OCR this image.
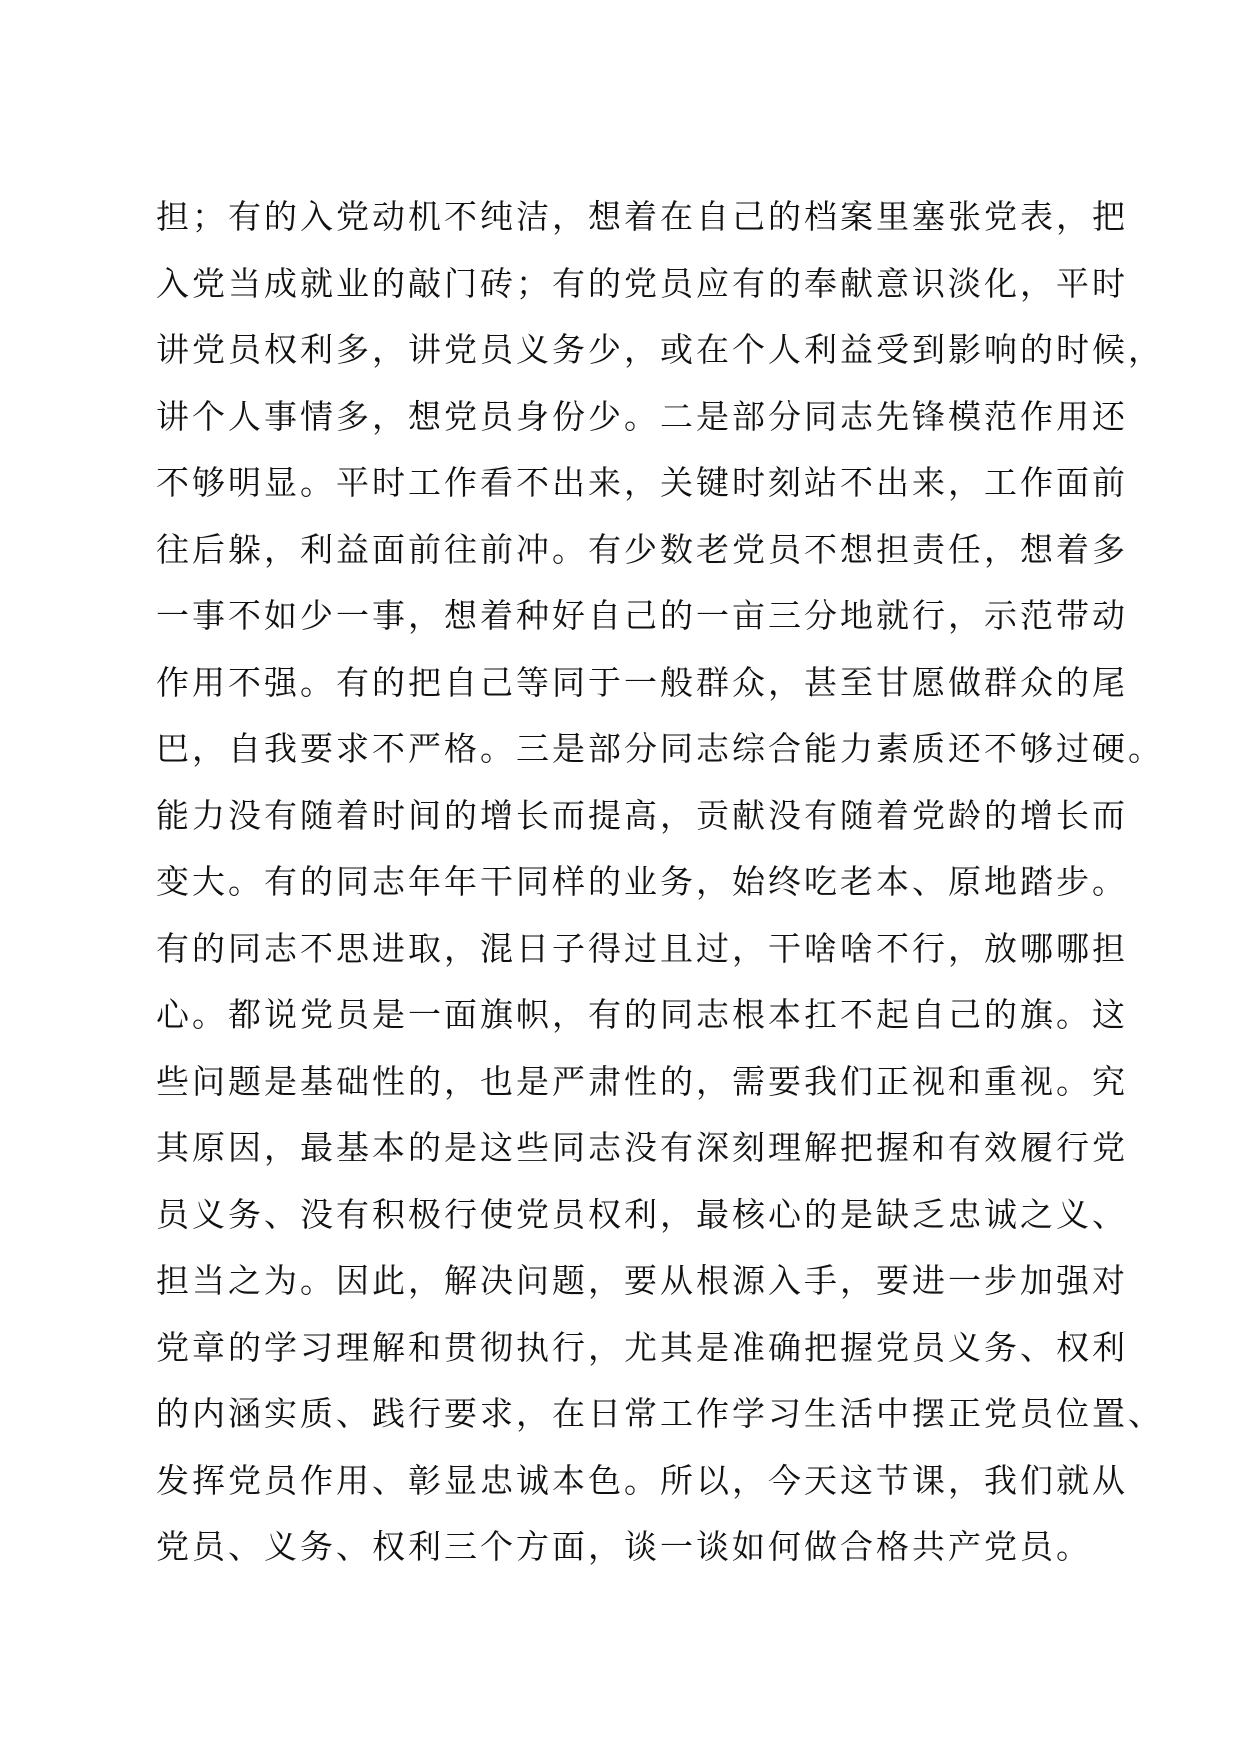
担；有的入党动机不纯洁，想着在自己的档案里塞张党表，把
入党当成就业的敲门砖；有的党员应有的奉献意识淡化，平时
讲党员权利多，讲党员义务少，或在个人利益受到影响的时候，
讲个人事情多，想党员身份少。二是部分同志先锋模范作用还
不够明显。平时工作看不出来，关键时刻站不出来，工作面前
往后躲，利益面前往前冲。有少数老党员不想担责任，想着多
一事不如少一事，想着种好自己的一亩三分地就行，示范带动
作用不强。有的把自己等同于一般群众，甚至甘愿做群众的尾
巴，自我要求不严格。三是部分同志综合能力素质还不够过硬。
能力没有随着时间的增长而提高，贡献没有随着党龄的增长而
变大。有的同志年年干同样的业务，始终吃老本、原地踏步。
有的同志不思进取，混日子得过且过，干啥啥不行，放哪哪担
心。都说党员是一面旗帜，有的同志根本扛不起自己的旗。这
些问题是基础性的，也是严肃性的，需要我们正视和重视。究
其原因，最基本的是这些同志没有深刻理解把握和有效履行党
员义务、没有积极行使党员权利，最核心的是缺乏忠诚之义、
担当之为。因此，解决问题，要从根源入手，要进一步加强对
党章的学习理解和贯彻执行，尤其是准确把握党员义务、权利
的内涵实质、践行要求，在日常工作学习生活中摆正党员位置、
发挥党员作用、彰显忠诚本色。所以，今天这节课，我们就从
党员、义务、权利三个方面，谈一谈如何做合格共产党员。
